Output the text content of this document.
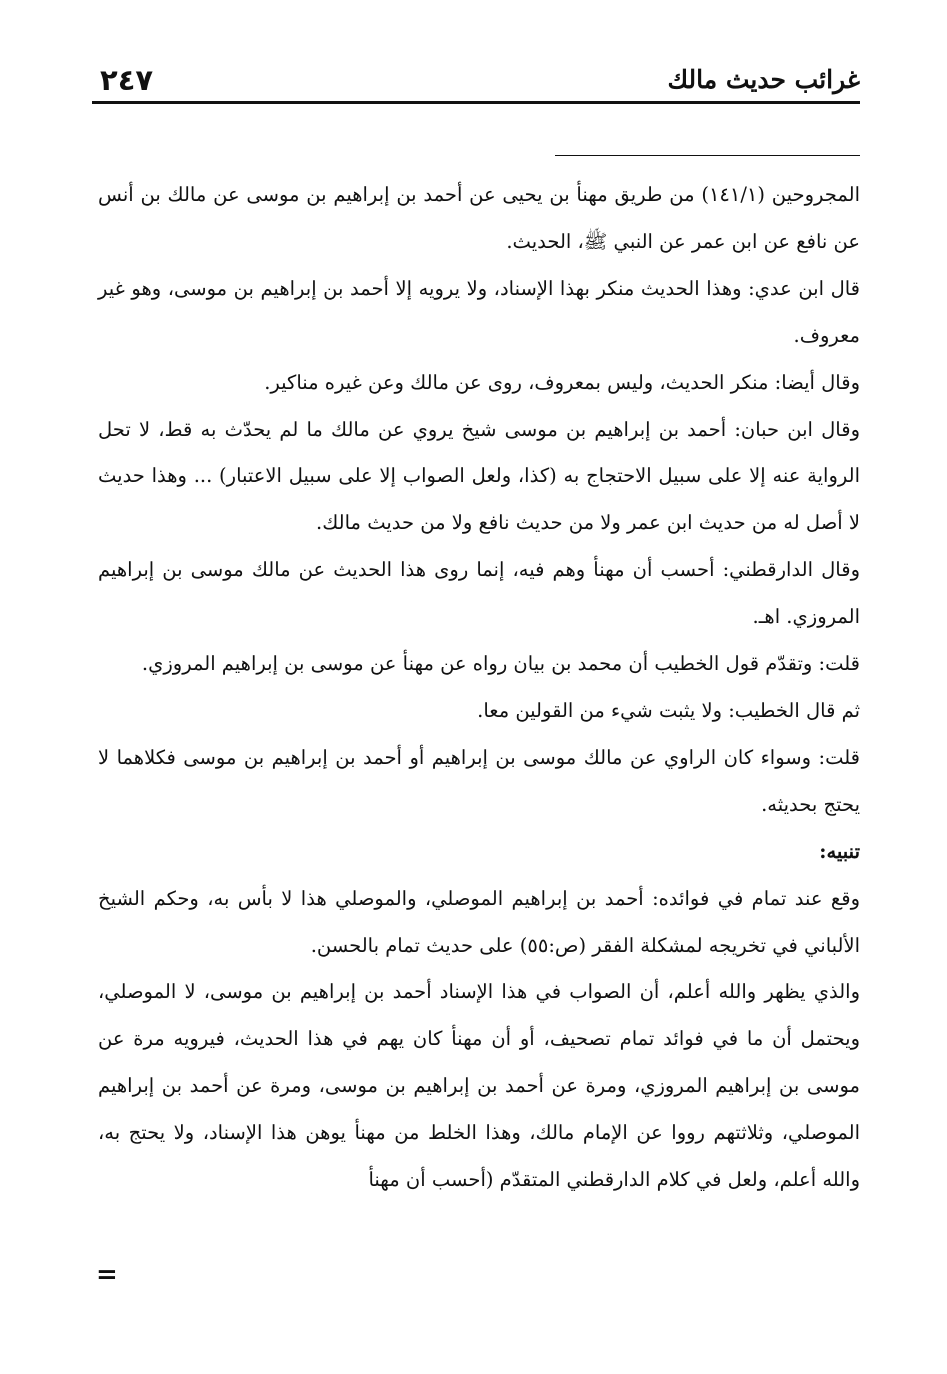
غرائب حديث مالك
٢٤٧

المجروحين (١٤١/١) من طريق مهنأ بن يحيى عن أحمد بن إبراهيم بن موسى عن مالك بن أنس عن نافع عن ابن عمر عن النبي ﷺ، الحديث.

قال ابن عدي: وهذا الحديث منكر بهذا الإسناد، ولا يرويه إلا أحمد بن إبراهيم بن موسى، وهو غير معروف.

وقال أيضا: منكر الحديث، وليس بمعروف، روى عن مالك وعن غيره مناكير.

وقال ابن حبان: أحمد بن إبراهيم بن موسى شيخ يروي عن مالك ما لم يحدّث به قط، لا تحل الرواية عنه إلا على سبيل الاحتجاج به (كذا، ولعل الصواب إلا على سبيل الاعتبار) ... وهذا حديث لا أصل له من حديث ابن عمر ولا من حديث نافع ولا من حديث مالك.

وقال الدارقطني: أحسب أن مهنأ وهم فيه، إنما روى هذا الحديث عن مالك موسى بن إبراهيم المروزي. اهـ.

قلت: وتقدّم قول الخطيب أن محمد بن بيان رواه عن مهنأ عن موسى بن إبراهيم المروزي.

ثم قال الخطيب: ولا يثبت شيء من القولين معا.

قلت: وسواء كان الراوي عن مالك موسى بن إبراهيم أو أحمد بن إبراهيم بن موسى فكلاهما لا يحتج بحديثه.

تنبيه:

وقع عند تمام في فوائده: أحمد بن إبراهيم الموصلي، والموصلي هذا لا بأس به، وحكم الشيخ الألباني في تخريجه لمشكلة الفقر (ص:٥٥) على حديث تمام بالحسن.

والذي يظهر والله أعلم، أن الصواب في هذا الإسناد أحمد بن إبراهيم بن موسى، لا الموصلي، ويحتمل أن ما في فوائد تمام تصحيف، أو أن مهنأ كان يهم في هذا الحديث، فيرويه مرة عن موسى بن إبراهيم المروزي، ومرة عن أحمد بن إبراهيم بن موسى، ومرة عن أحمد بن إبراهيم الموصلي، وثلاثتهم رووا عن الإمام مالك، وهذا الخلط من مهنأ يوهن هذا الإسناد، ولا يحتج به، والله أعلم، ولعل في كلام الدارقطني المتقدّم (أحسب أن مهنأ

=
